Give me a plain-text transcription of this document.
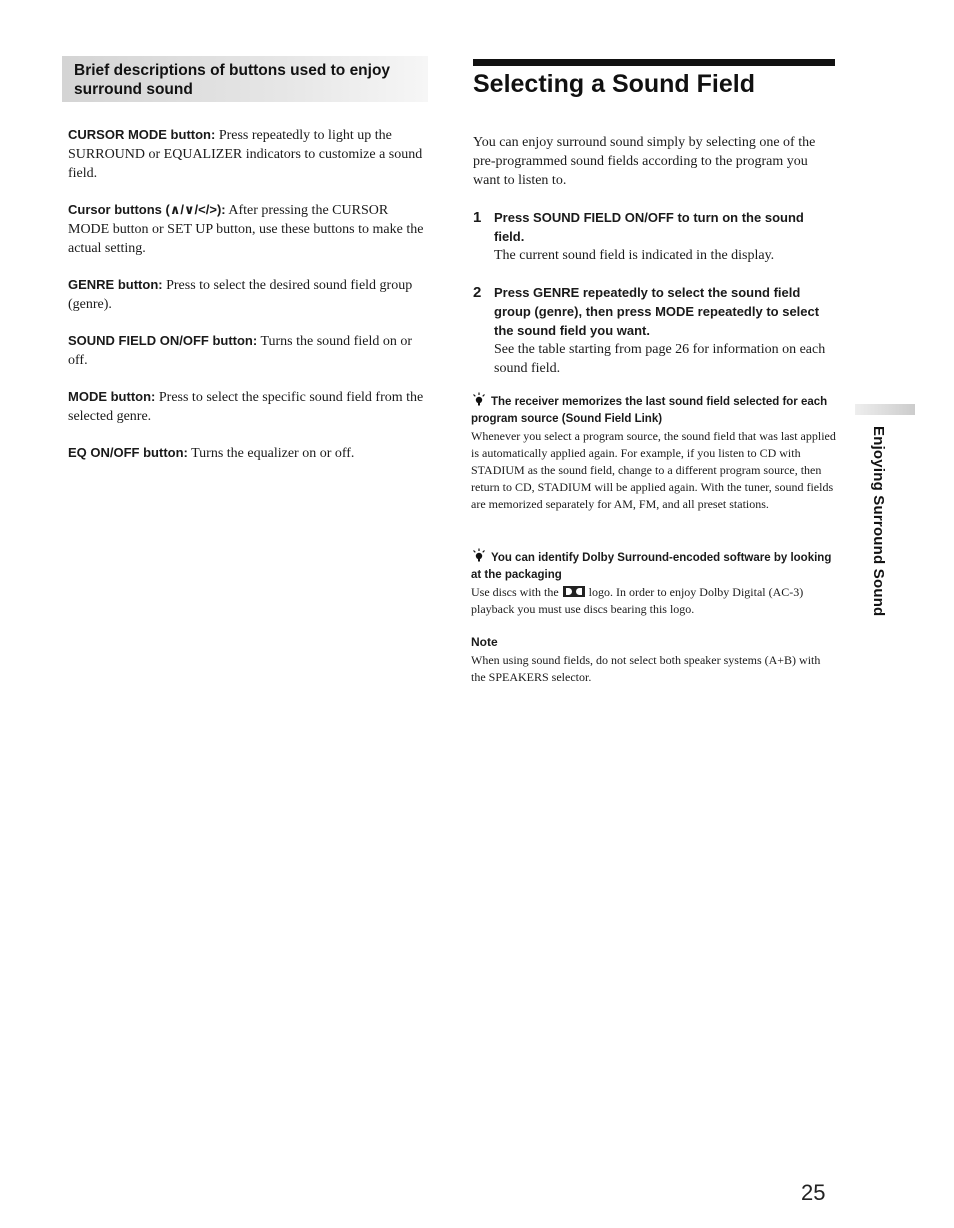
Brief descriptions of buttons used to enjoy surround sound
CURSOR MODE button: Press repeatedly to light up the SURROUND or EQUALIZER indicators to customize a sound field.
Cursor buttons (∧/∨/</>): After pressing the CURSOR MODE button or SET UP button, use these buttons to make the actual setting.
GENRE button: Press to select the desired sound field group (genre).
SOUND FIELD ON/OFF button: Turns the sound field on or off.
MODE button: Press to select the specific sound field from the selected genre.
EQ ON/OFF button: Turns the equalizer on or off.
Selecting a Sound Field
You can enjoy surround sound simply by selecting one of the pre-programmed sound fields according to the program you want to listen to.
1 Press SOUND FIELD ON/OFF to turn on the sound field.
The current sound field is indicated in the display.
2 Press GENRE repeatedly to select the sound field group (genre), then press MODE repeatedly to select the sound field you want.
See the table starting from page 26 for information on each sound field.
The receiver memorizes the last sound field selected for each program source (Sound Field Link)
Whenever you select a program source, the sound field that was last applied is automatically applied again. For example, if you listen to CD with STADIUM as the sound field, change to a different program source, then return to CD, STADIUM will be applied again. With the tuner, sound fields are memorized separately for AM, FM, and all preset stations.
You can identify Dolby Surround-encoded software by looking at the packaging
Use discs with the	logo. In order to enjoy Dolby Digital (AC-3) playback you must use discs bearing this logo.
Note
When using sound fields, do not select both speaker systems (A+B) with the SPEAKERS selector.
Enjoying Surround Sound
25
